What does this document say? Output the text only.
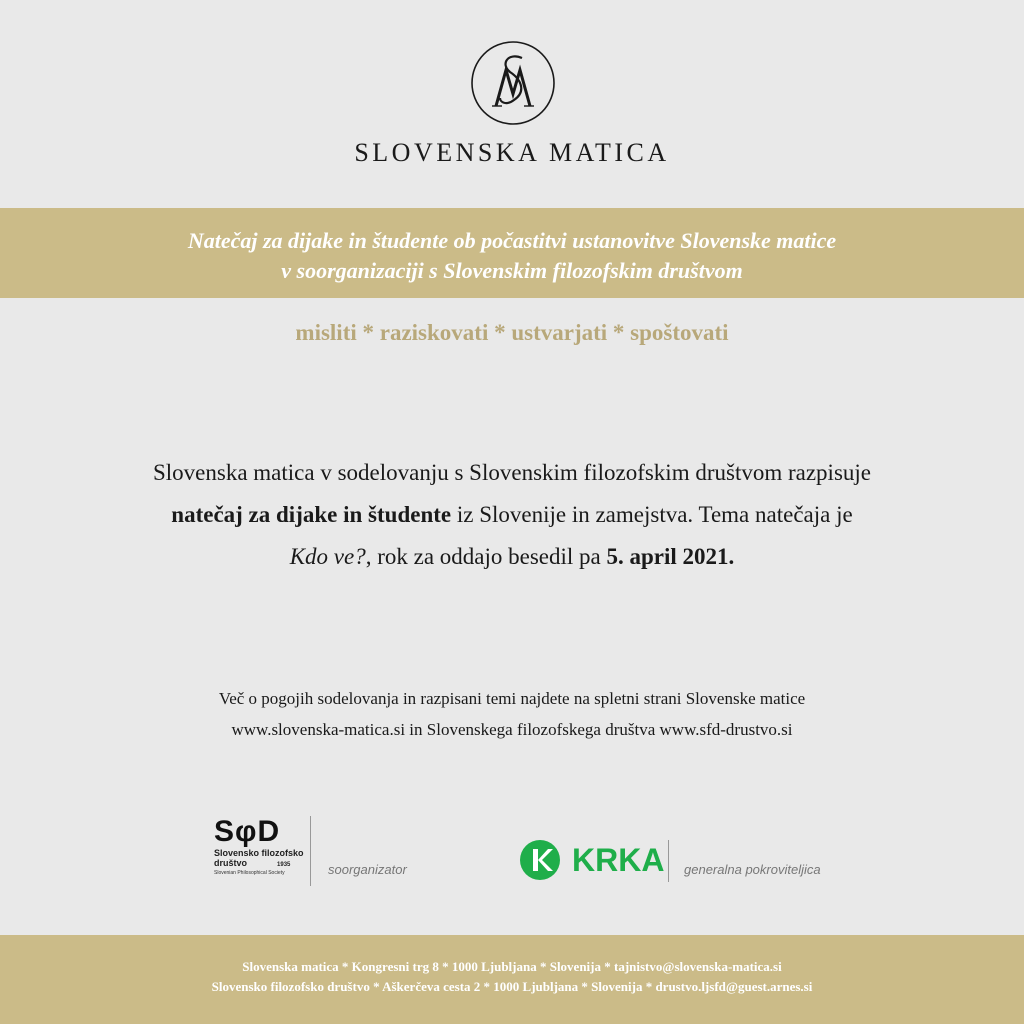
SLOVENSKA MATICA
Natečaj za dijake in študente ob počastitvi ustanovitve Slovenske matice
v soorganizaciji s Slovenskim filozofskim društvom
misliti * raziskovati * ustvarjati * spoštovati
Slovenska matica v sodelovanju s Slovenskim filozofskim društvom razpisuje
natečaj za dijake in študente iz Slovenije in zamejstva. Tema natečaja je
Kdo ve?, rok za oddajo besedil pa 5. april 2021.
Več o pogojih sodelovanja in razpisani temi najdete na spletni strani Slovenske matice
www.slovenska-matica.si in Slovenskega filozofskega društva www.sfd-drustvo.si
SφD
Slovensko filozofsko
društvo	1935
Slovenian Philosophical Society	soorganizator	KRKA generalna pokroviteljica
Slovenska matica * Kongresni trg 8 * 1000 Ljubljana * Slovenija * tajnistvo@slovenska-matica.si
Slovensko filozofsko društvo * Aškerčeva cesta 2 * 1000 Ljubljana * Slovenija * drustvo.ljsfd@guest.arnes.si
